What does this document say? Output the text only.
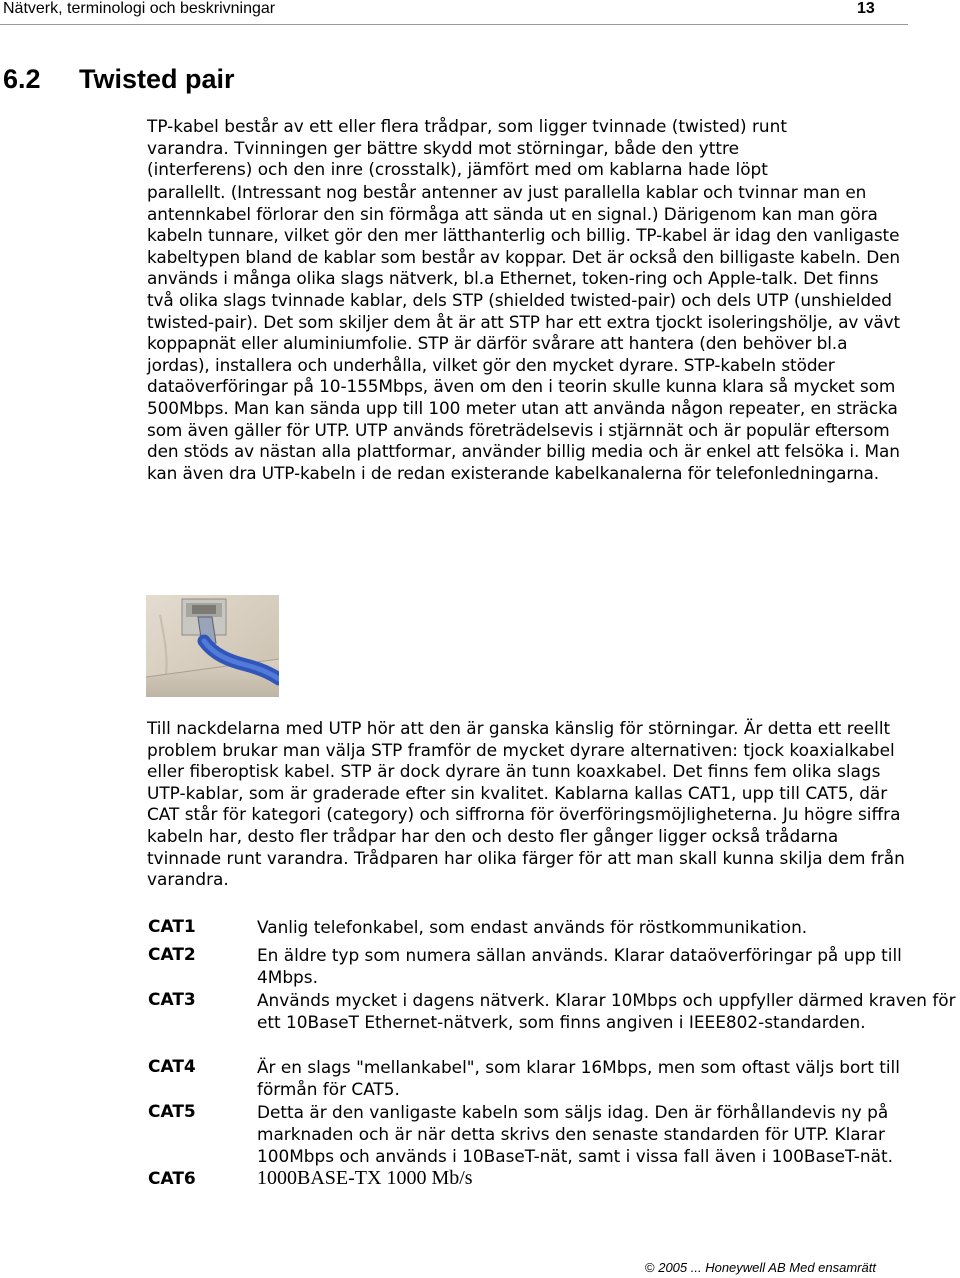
Nätverk, terminologi och beskrivningar	13
6.2 Twisted pair
TP-kabel består av ett eller flera trådpar, som ligger tvinnade (twisted) runt
varandra. Tvinningen ger bättre skydd mot störningar, både den yttre
(interferens) och den inre (crosstalk), jämfört med om kablarna hade löpt

parallellt. (Intressant nog består antenner av just parallella kablar och tvinnar man en antennkabel förlorar den sin förmåga att sända ut en signal.) Därigenom kan man göra kabeln tunnare, vilket gör den mer lätthanterlig och billig. TP-kabel är idag den vanligaste kabeltypen bland de kablar som består av koppar. Det är också den billigaste kabeln. Den används i många olika slags nätverk, bl.a Ethernet, token-ring och Apple-talk. Det finns två olika slags tvinnade kablar, dels STP (shielded twisted-pair) och dels UTP (unshielded twisted-pair). Det som skiljer dem åt är att STP har ett extra tjockt isoleringshölje, av vävt koppарnät eller aluminiumfolie. STP är därför svårare att hantera (den behöver bl.a jordas), installera och underhålla, vilket gör den mycket dyrare. STP-kabeln stöder dataöverföringar på 10-155Mbps, även om den i teorin skulle kunna klara så mycket som 500Mbps. Man kan sända upp till 100 meter utan att använda någon repeater, en sträcka som även gäller för UTP. UTP används företrädelsevis i stjärnnät och är populär eftersom den stöds av nästan alla plattformar, använder billig media och är enkel att felsöka i. Man kan även dra UTP-kabeln i de redan existerande kabelkanalerna för telefonledningarna.

Till nackdelarna med UTP hör att den är ganska känslig för störningar. Är detta ett reellt problem brukar man välja STP framför de mycket dyrare alternativen: tjock koaxialkabel eller fiberoptisk kabel. STP är dock dyrare än tunn koaxkabel. Det finns fem olika slags UTP-kablar, som är graderade efter sin kvalitet. Kablarna kallas CAT1, upp till CAT5, där CAT står för kategori (category) och siffrorna för överföringsmöjligheterna. Ju högre siffra kabeln har, desto fler trådpar har den och desto fler gånger ligger också trådarna tvinnade runt varandra. Trådparen har olika färger för att man skall kunna skilja dem från varandra.

CAT1	Vanlig telefonkabel, som endast används för röstkommunikation.

CAT2	En äldre typ som numera sällan används. Klarar dataöverföringar på upp till 4Mbps.

CAT3	Används mycket i dagens nätverk. Klarar 10Mbps och uppfyller därmed kraven för ett 10BaseT Ethernet-nätverk, som finns angiven i IEEE802-standarden.

CAT4	Är en slags "mellankabel", som klarar 16Mbps, men som oftast väljs bort till förmån för CAT5.

CAT5	Detta är den vanligaste kabeln som säljs idag. Den är förhållandevis ny på marknaden och är när detta skrivs den senaste standarden för UTP. Klarar 100Mbps och används i 10BaseT-nät, samt i vissa fall även i 100BaseT-nät.

CAT6	1000BASE-TX 1000 Mb/s

© 2005 ... Honeywell AB Med ensamrätt
